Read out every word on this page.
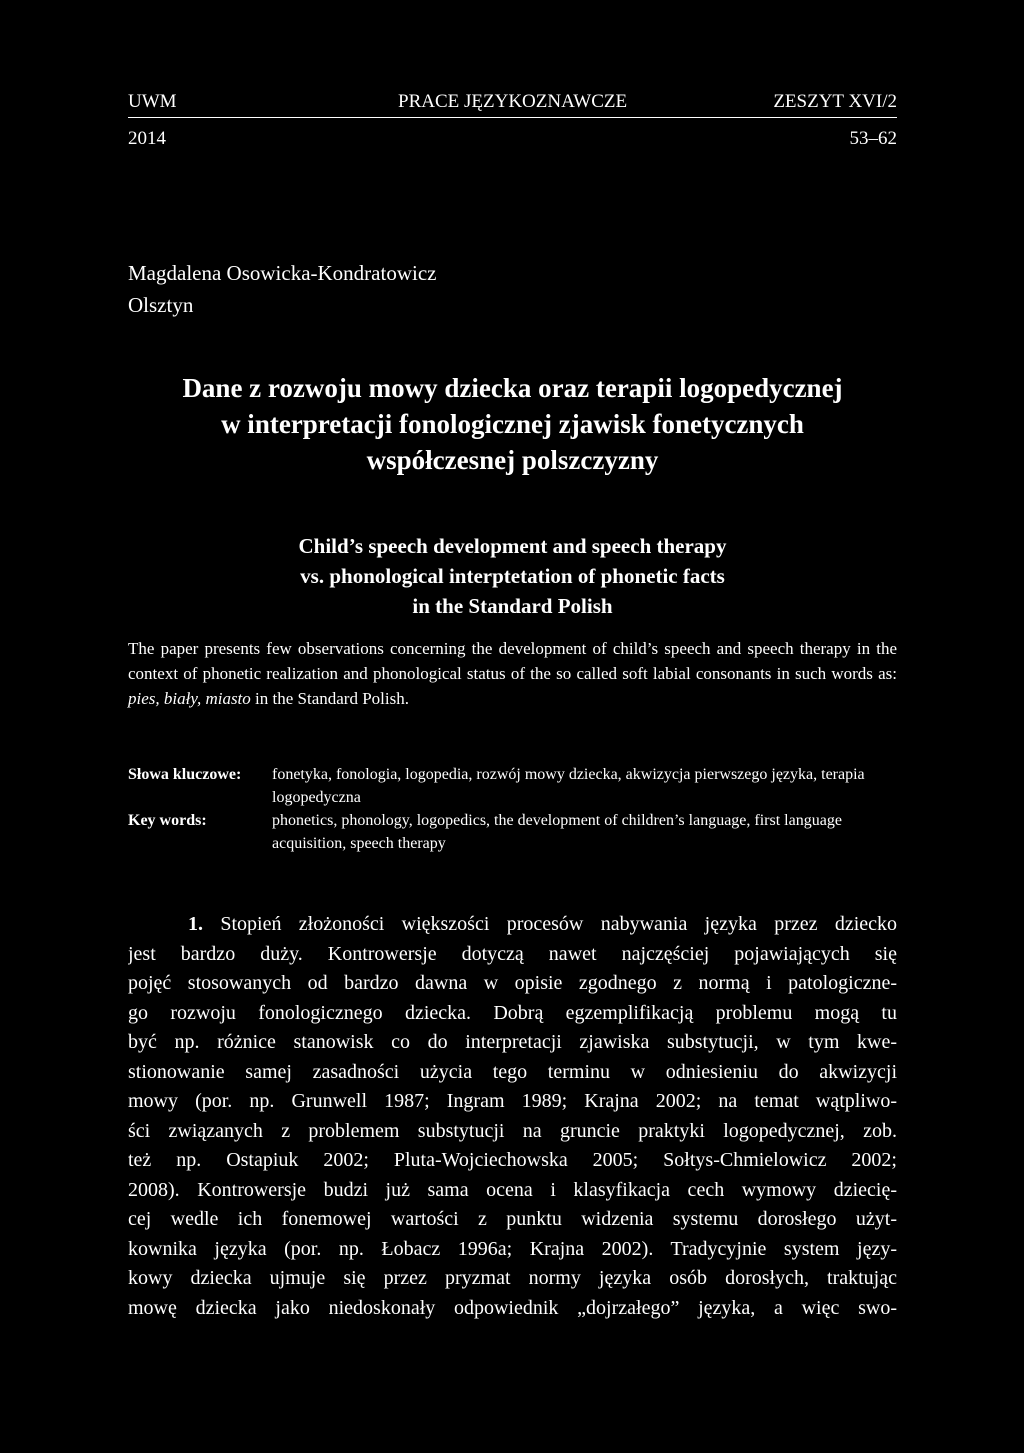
UWM	PRACE JĘZYKOZNAWCZE	ZESZYT XVI/2
2014	53–62
Magdalena Osowicka-Kondratowicz
Olsztyn
Dane z rozwoju mowy dziecka oraz terapii logopedycznej
w interpretacji fonologicznej zjawisk fonetycznych
współczesnej polszczyzny
Child’s speech development and speech therapy
vs. phonological interptetation of phonetic facts
in the Standard Polish
The paper presents few observations concerning the development of child’s speech and speech therapy in the context of phonetic realization and phonological status of the so called soft labial consonants in such words as: pies, biały, miasto in the Standard Polish.
Słowa kluczowe:	fonetyka, fonologia, logopedia, rozwój mowy dziecka, akwizycja pierwszego języka, terapia logopedyczna
Key words:	phonetics, phonology, logopedics, the development of children’s language, first language acquisition, speech therapy
1. Stopień złożoności większości procesów nabywania języka przez dziecko
jest bardzo duży. Kontrowersje dotyczą nawet najczęściej pojawiających się
pojęć stosowanych od bardzo dawna w opisie zgodnego z normą i patologiczne-
go rozwoju fonologicznego dziecka. Dobrą egzemplifikacją problemu mogą tu
być np. różnice stanowisk co do interpretacji zjawiska substytucji, w tym kwe-
stionowanie samej zasadności użycia tego terminu w odniesieniu do akwizycji
mowy (por. np. Grunwell 1987; Ingram 1989; Krajna 2002; na temat wątpliwo-
ści związanych z problemem substytucji na gruncie praktyki logopedycznej, zob.
też np. Ostapiuk 2002; Pluta-Wojciechowska 2005; Sołtys-Chmielowicz 2002;
2008). Kontrowersje budzi już sama ocena i klasyfikacja cech wymowy dziecię-
cej wedle ich fonemowej wartości z punktu widzenia systemu dorosłego użyt-
kownika języka (por. np. Łobacz 1996a; Krajna 2002). Tradycyjnie system języ-
kowy dziecka ujmuje się przez pryzmat normy języka osób dorosłych, traktując
mowę dziecka jako niedoskonały odpowiednik „dojrzałego” języka, a więc swo-
